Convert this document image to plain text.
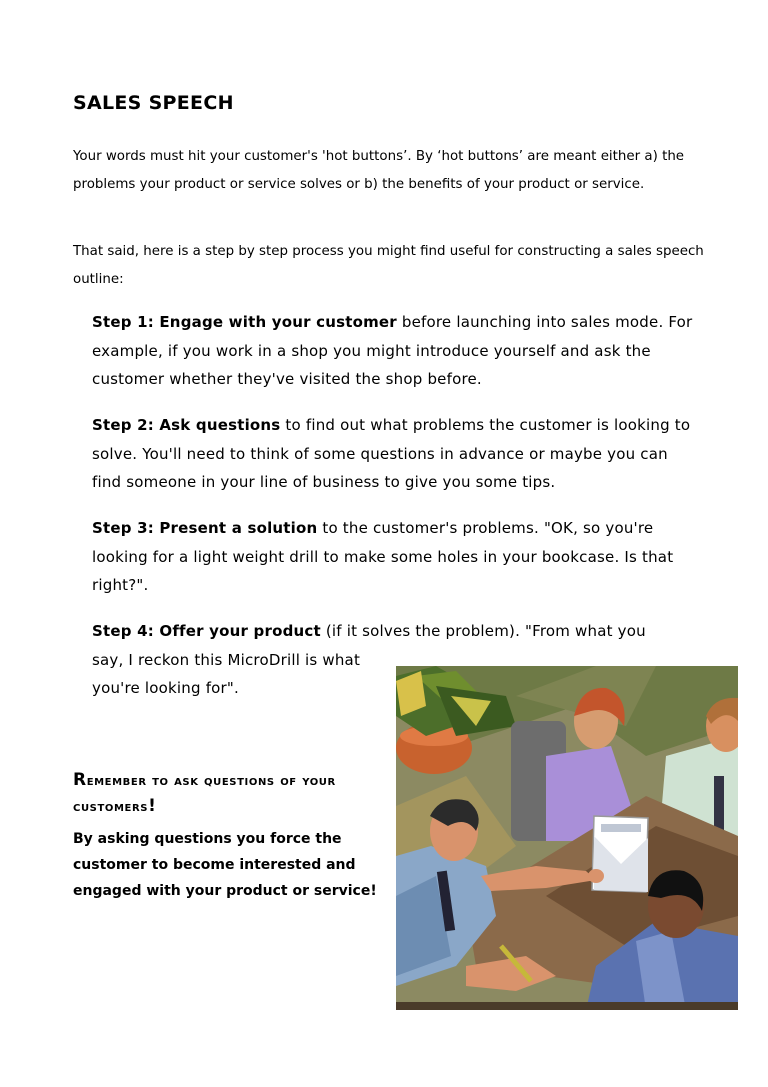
SALES SPEECH

Your words must hit your customer's 'hot buttons’. By ‘hot buttons’ are meant either a) the problems your product or service solves or b) the benefits of your product or service.

That said, here is a step by step process you might find useful for constructing a sales speech outline:

Step 1: Engage with your customer before launching into sales mode. For example, if you work in a shop you might introduce yourself and ask the customer whether they've visited the shop before.

Step 2: Ask questions to find out what problems the customer is looking to solve. You'll need to think of some questions in advance or maybe you can find someone in your line of business to give you some tips.

Step 3: Present a solution to the customer's problems. "OK, so you're looking for a light weight drill to make some holes in your bookcase. Is that right?".

Step 4: Offer your product (if it solves the problem). "From what you
say, I reckon this MicroDrill is what you're looking for".

Remember to ask questions of your customers!

By asking questions you force the customer to become interested and engaged with your product or service!
